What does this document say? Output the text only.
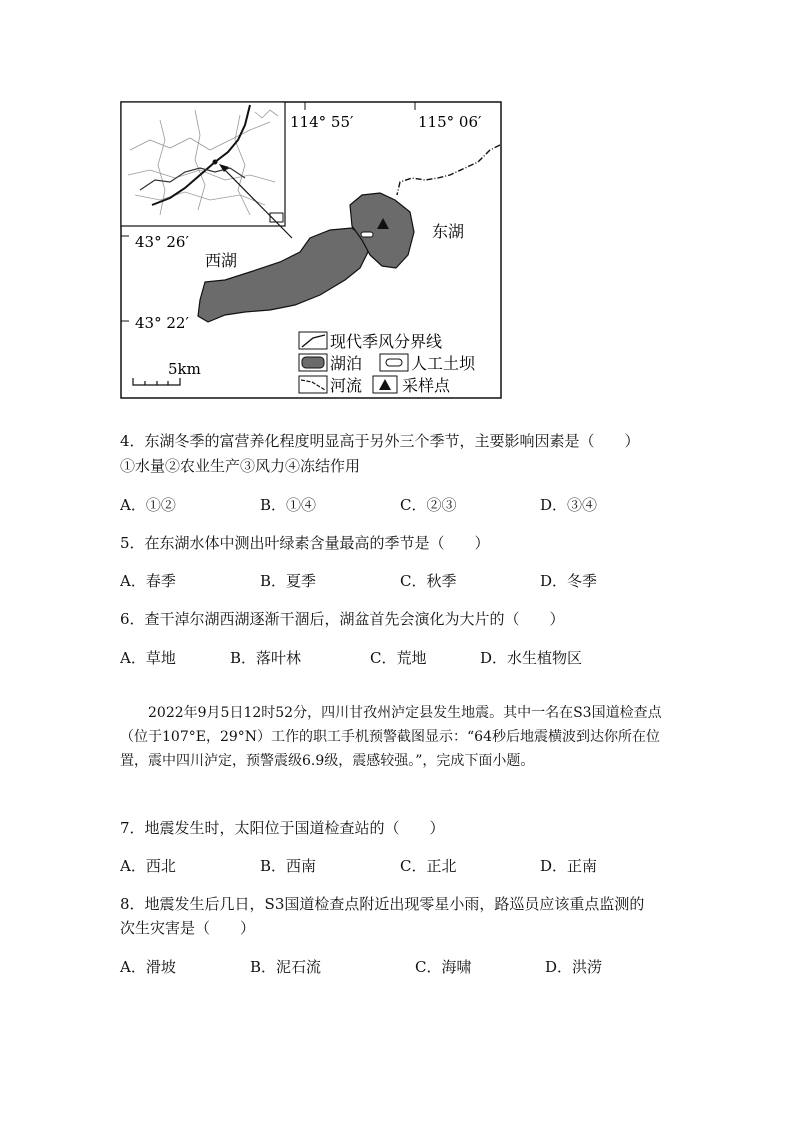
114° 55′	115° 06′
43° 26′
43° 22′
西湖
东湖
5km
现代季风分界线
湖泊	人工土坝
河流 采样点
4．东湖冬季的富营养化程度明显高于另外三个季节，主要影响因素是（　　）
①水量②农业生产③风力④冻结作用
A．①②	B．①④	C．②③	D．③④
5．在东湖水体中测出叶绿素含量最高的季节是（　　）
A．春季	B．夏季	C．秋季	D．冬季
6．查干淖尔湖西湖逐渐干涸后，湖盆首先会演化为大片的（　　）
A．草地	B．落叶林	C．荒地	D．水生植物区
2022年9月5日12时52分，四川甘孜州泸定县发生地震。其中一名在S3国道检查点（位于107°E，29°N）工作的职工手机预警截图显示：“64秒后地震横波到达你所在位置，震中四川泸定，预警震级6.9级，震感较强。”，完成下面小题。
7．地震发生时，太阳位于国道检查站的（　　）
A．西北	B．西南	C．正北	D．正南
8．地震发生后几日，S3国道检查点附近出现零星小雨，路巡员应该重点监测的
次生灾害是（　　）
A．滑坡	B．泥石流	C．海啸	D．洪涝
